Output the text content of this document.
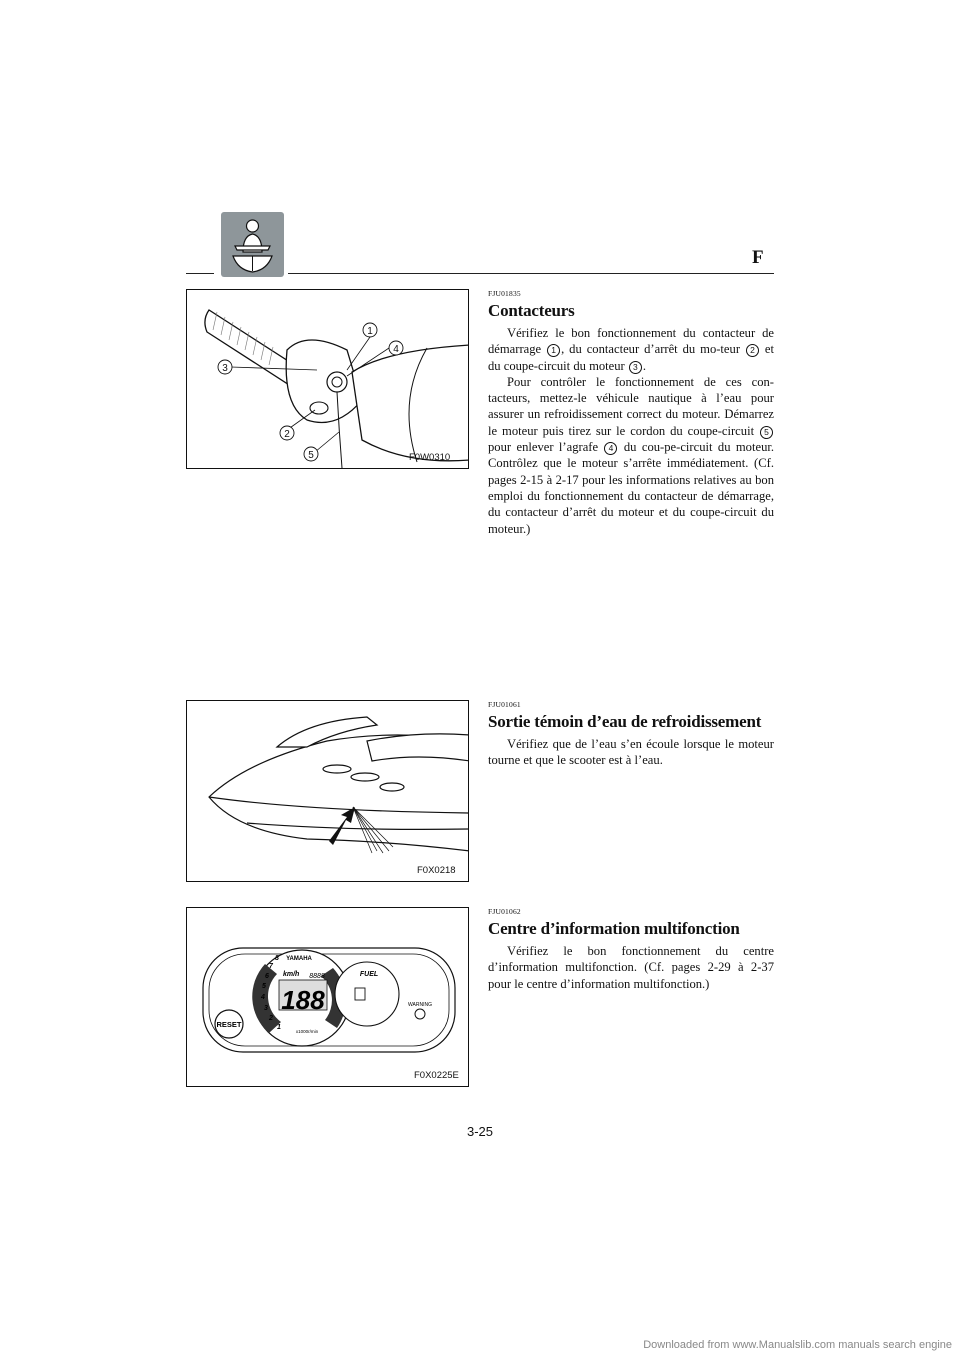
F
1
2
3
4
5	F0W0310
FJU01835
Contacteurs

Vérifiez le bon fonctionnement du contacteur de démarrage 1 , du contacteur d’arrêt du mo-teur 2 et du coupe-circuit du moteur 3 .

Pour contrôler le fonctionnement de ces con-tacteurs, mettez-le véhicule nautique à l’eau pour assurer un refroidissement correct du moteur. Démarrez le moteur puis tirez sur le cordon du coupe-circuit 5 pour enlever l’agrafe 4 du cou-pe-circuit du moteur. Contrôlez que le moteur s’arrête immédiatement. (Cf. pages 2-15 à 2-17 pour les informations relatives au bon emploi du fonctionnement du contacteur de démarrage, du contacteur d’arrêt du moteur et du coupe-circuit du moteur.)

F0X0218
FJU01061
Sortie témoin d’eau de refroidissement

Vérifiez que de l’eau s’en écoule lorsque le moteur tourne et que le scooter est à l’eau.

RESET
188
8888
km/h
YAMAHA
x1000r/min
1
2
3
4
5
6
7
8
FUEL
WARNING
F0X0225E
FJU01062
Centre d’information multifonction

Vérifiez le bon fonctionnement du centre d’information multifonction. (Cf. pages 2-29 à 2-37 pour le centre d’information multifonction.)

3-25
Downloaded from www.Manualslib.com manuals search engine
